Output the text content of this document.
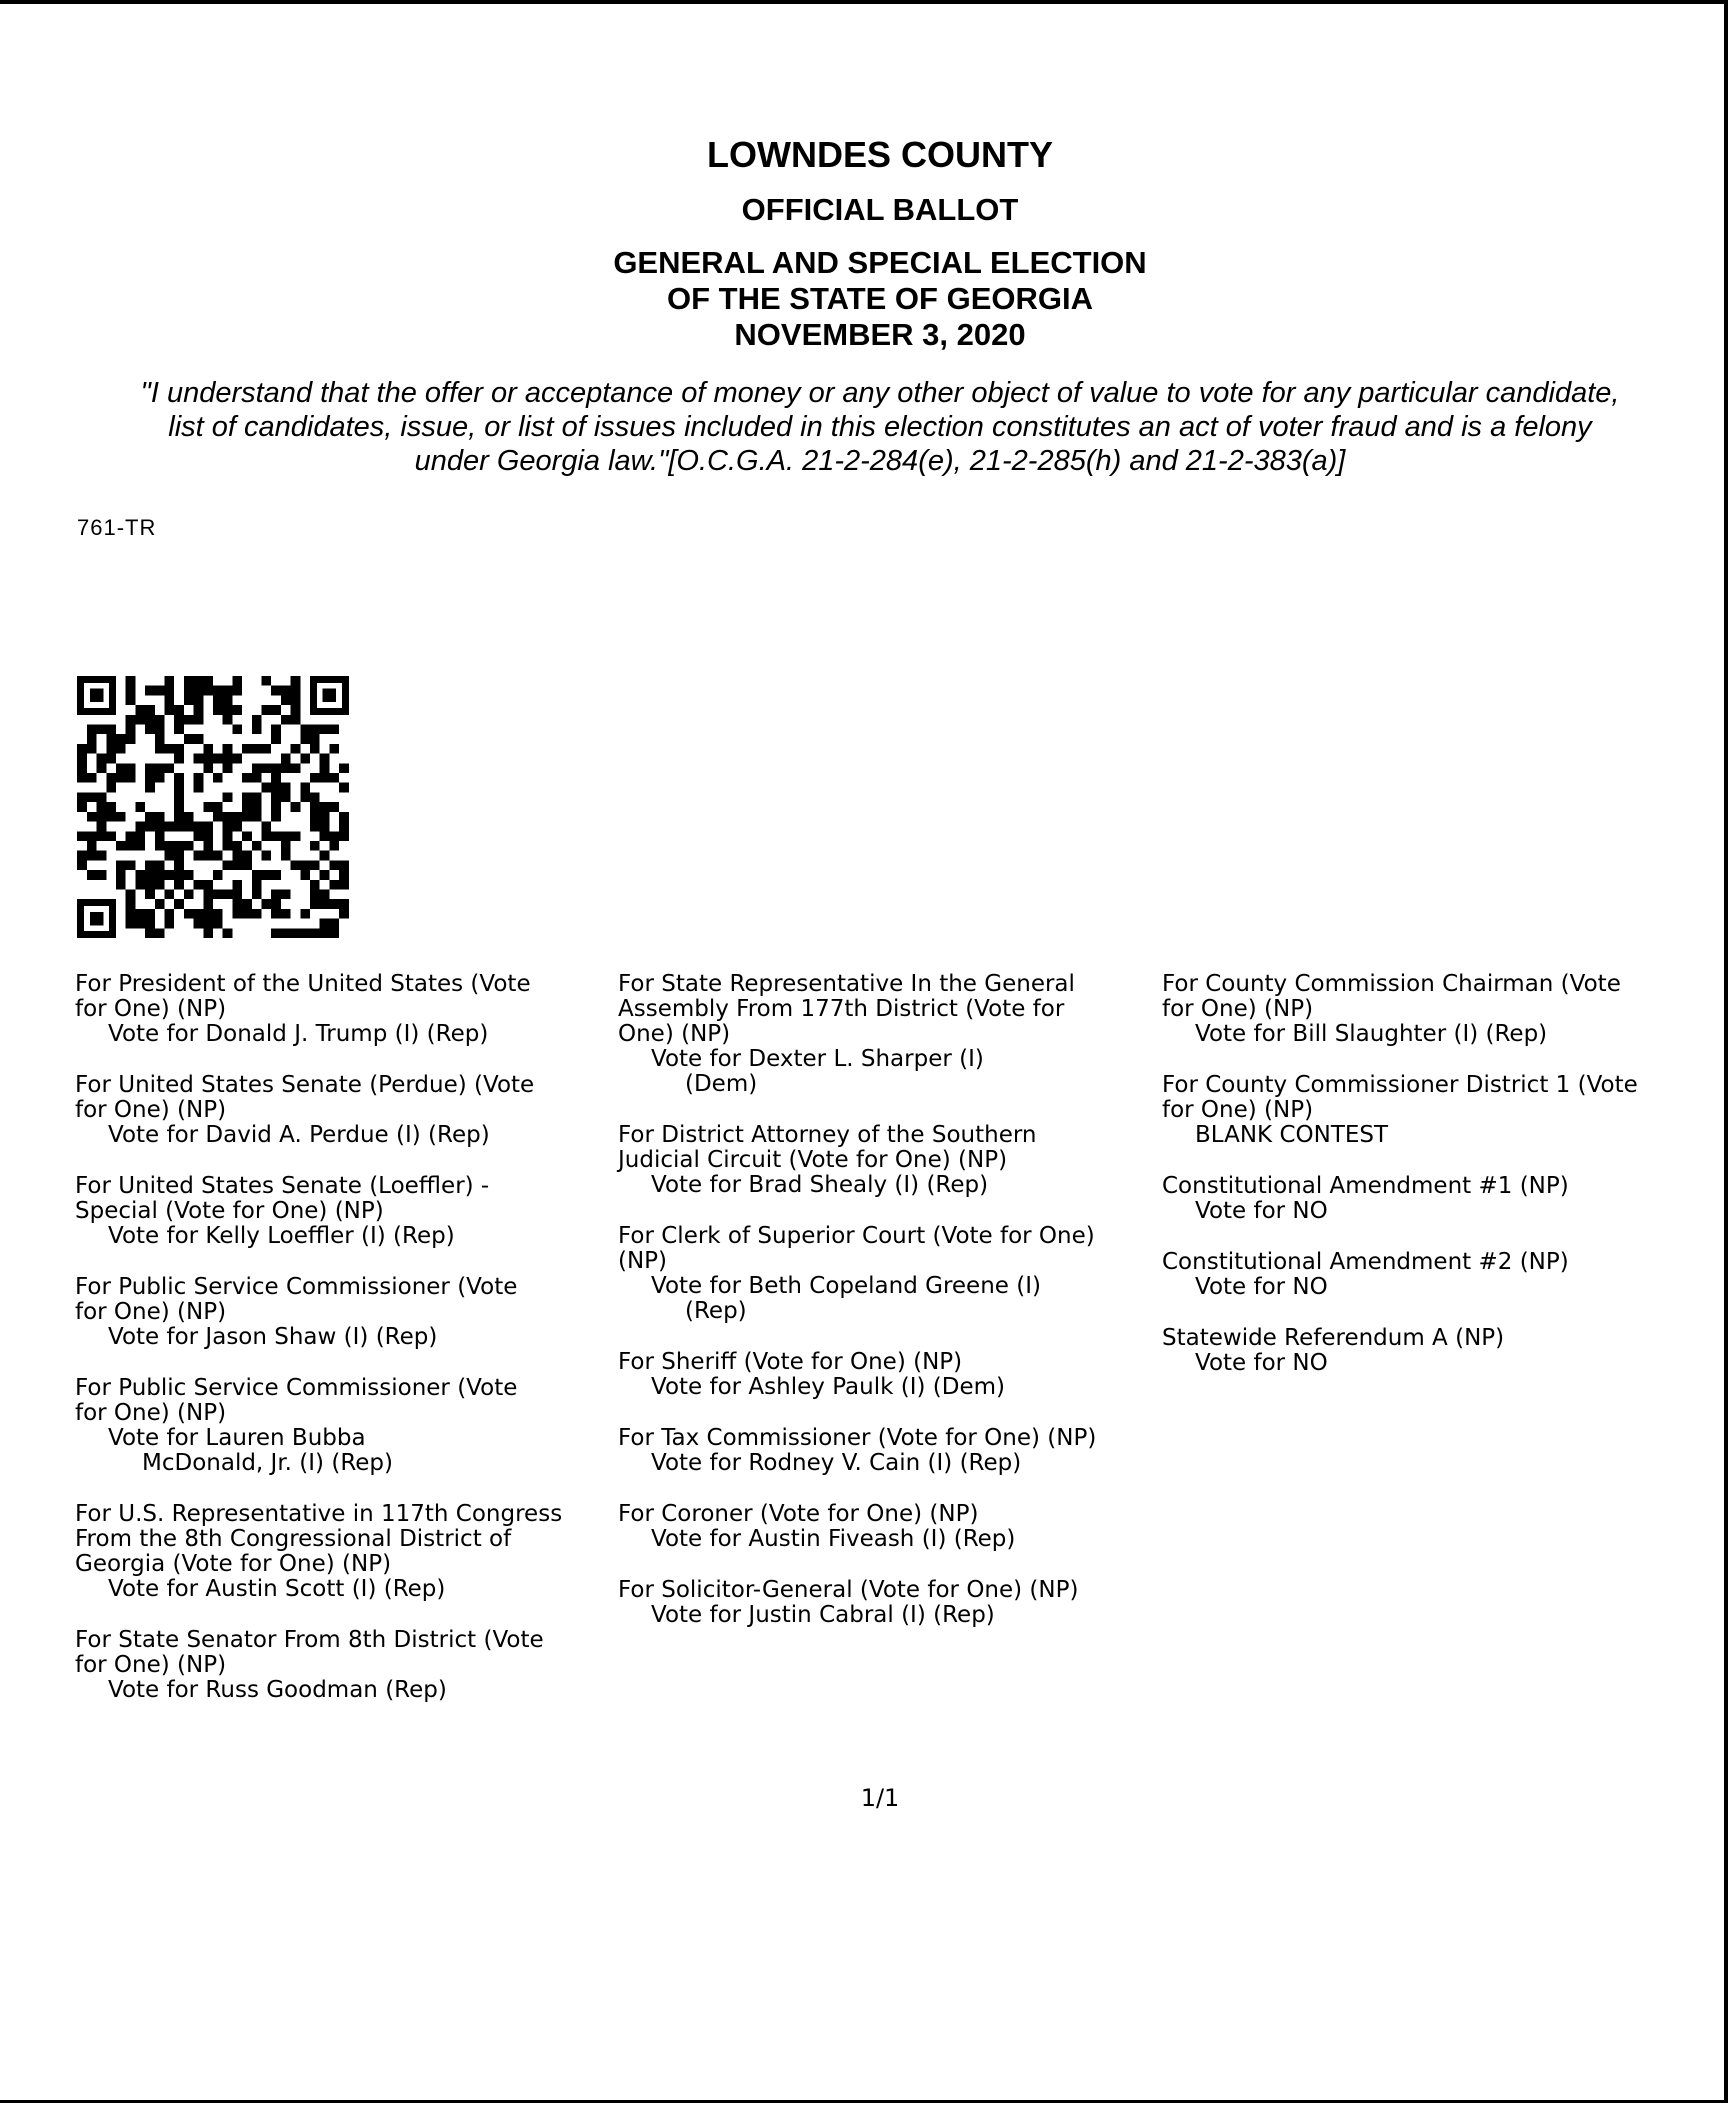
LOWNDES COUNTY
OFFICIAL BALLOT
GENERAL AND SPECIAL ELECTION
OF THE STATE OF GEORGIA
NOVEMBER 3, 2020
"I understand that the offer or acceptance of money or any other object of value to vote for any particular candidate,
list of candidates, issue, or list of issues included in this election constitutes an act of voter fraud and is a felony
under Georgia law."[O.C.G.A. 21-2-284(e), 21-2-285(h) and 21-2-383(a)]
761-TR
For President of the United States (Vote
for One) (NP)
Vote for Donald J. Trump (I) (Rep)
For United States Senate (Perdue) (Vote
for One) (NP)
Vote for David A. Perdue (I) (Rep)
For United States Senate (Loeffler) -
Special (Vote for One) (NP)
Vote for Kelly Loeffler (I) (Rep)
For Public Service Commissioner (Vote
for One) (NP)
Vote for Jason Shaw (I) (Rep)
For Public Service Commissioner (Vote
for One) (NP)
Vote for Lauren Bubba
McDonald, Jr. (I) (Rep)
For U.S. Representative in 117th Congress
From the 8th Congressional District of
Georgia (Vote for One) (NP)
Vote for Austin Scott (I) (Rep)
For State Senator From 8th District (Vote
for One) (NP)
Vote for Russ Goodman (Rep)
For State Representative In the General
Assembly From 177th District (Vote for
One) (NP)
Vote for Dexter L. Sharper (I)
(Dem)
For District Attorney of the Southern
Judicial Circuit (Vote for One) (NP)
Vote for Brad Shealy (I) (Rep)
For Clerk of Superior Court (Vote for One)
(NP)
Vote for Beth Copeland Greene (I)
(Rep)
For Sheriff (Vote for One) (NP)
Vote for Ashley Paulk (I) (Dem)
For Tax Commissioner (Vote for One) (NP)
Vote for Rodney V. Cain (I) (Rep)
For Coroner (Vote for One) (NP)
Vote for Austin Fiveash (I) (Rep)
For Solicitor-General (Vote for One) (NP)
Vote for Justin Cabral (I) (Rep)
For County Commission Chairman (Vote
for One) (NP)
Vote for Bill Slaughter (I) (Rep)
For County Commissioner District 1 (Vote
for One) (NP)
BLANK CONTEST
Constitutional Amendment #1 (NP)
Vote for NO
Constitutional Amendment #2 (NP)
Vote for NO
Statewide Referendum A (NP)
Vote for NO
1/1
